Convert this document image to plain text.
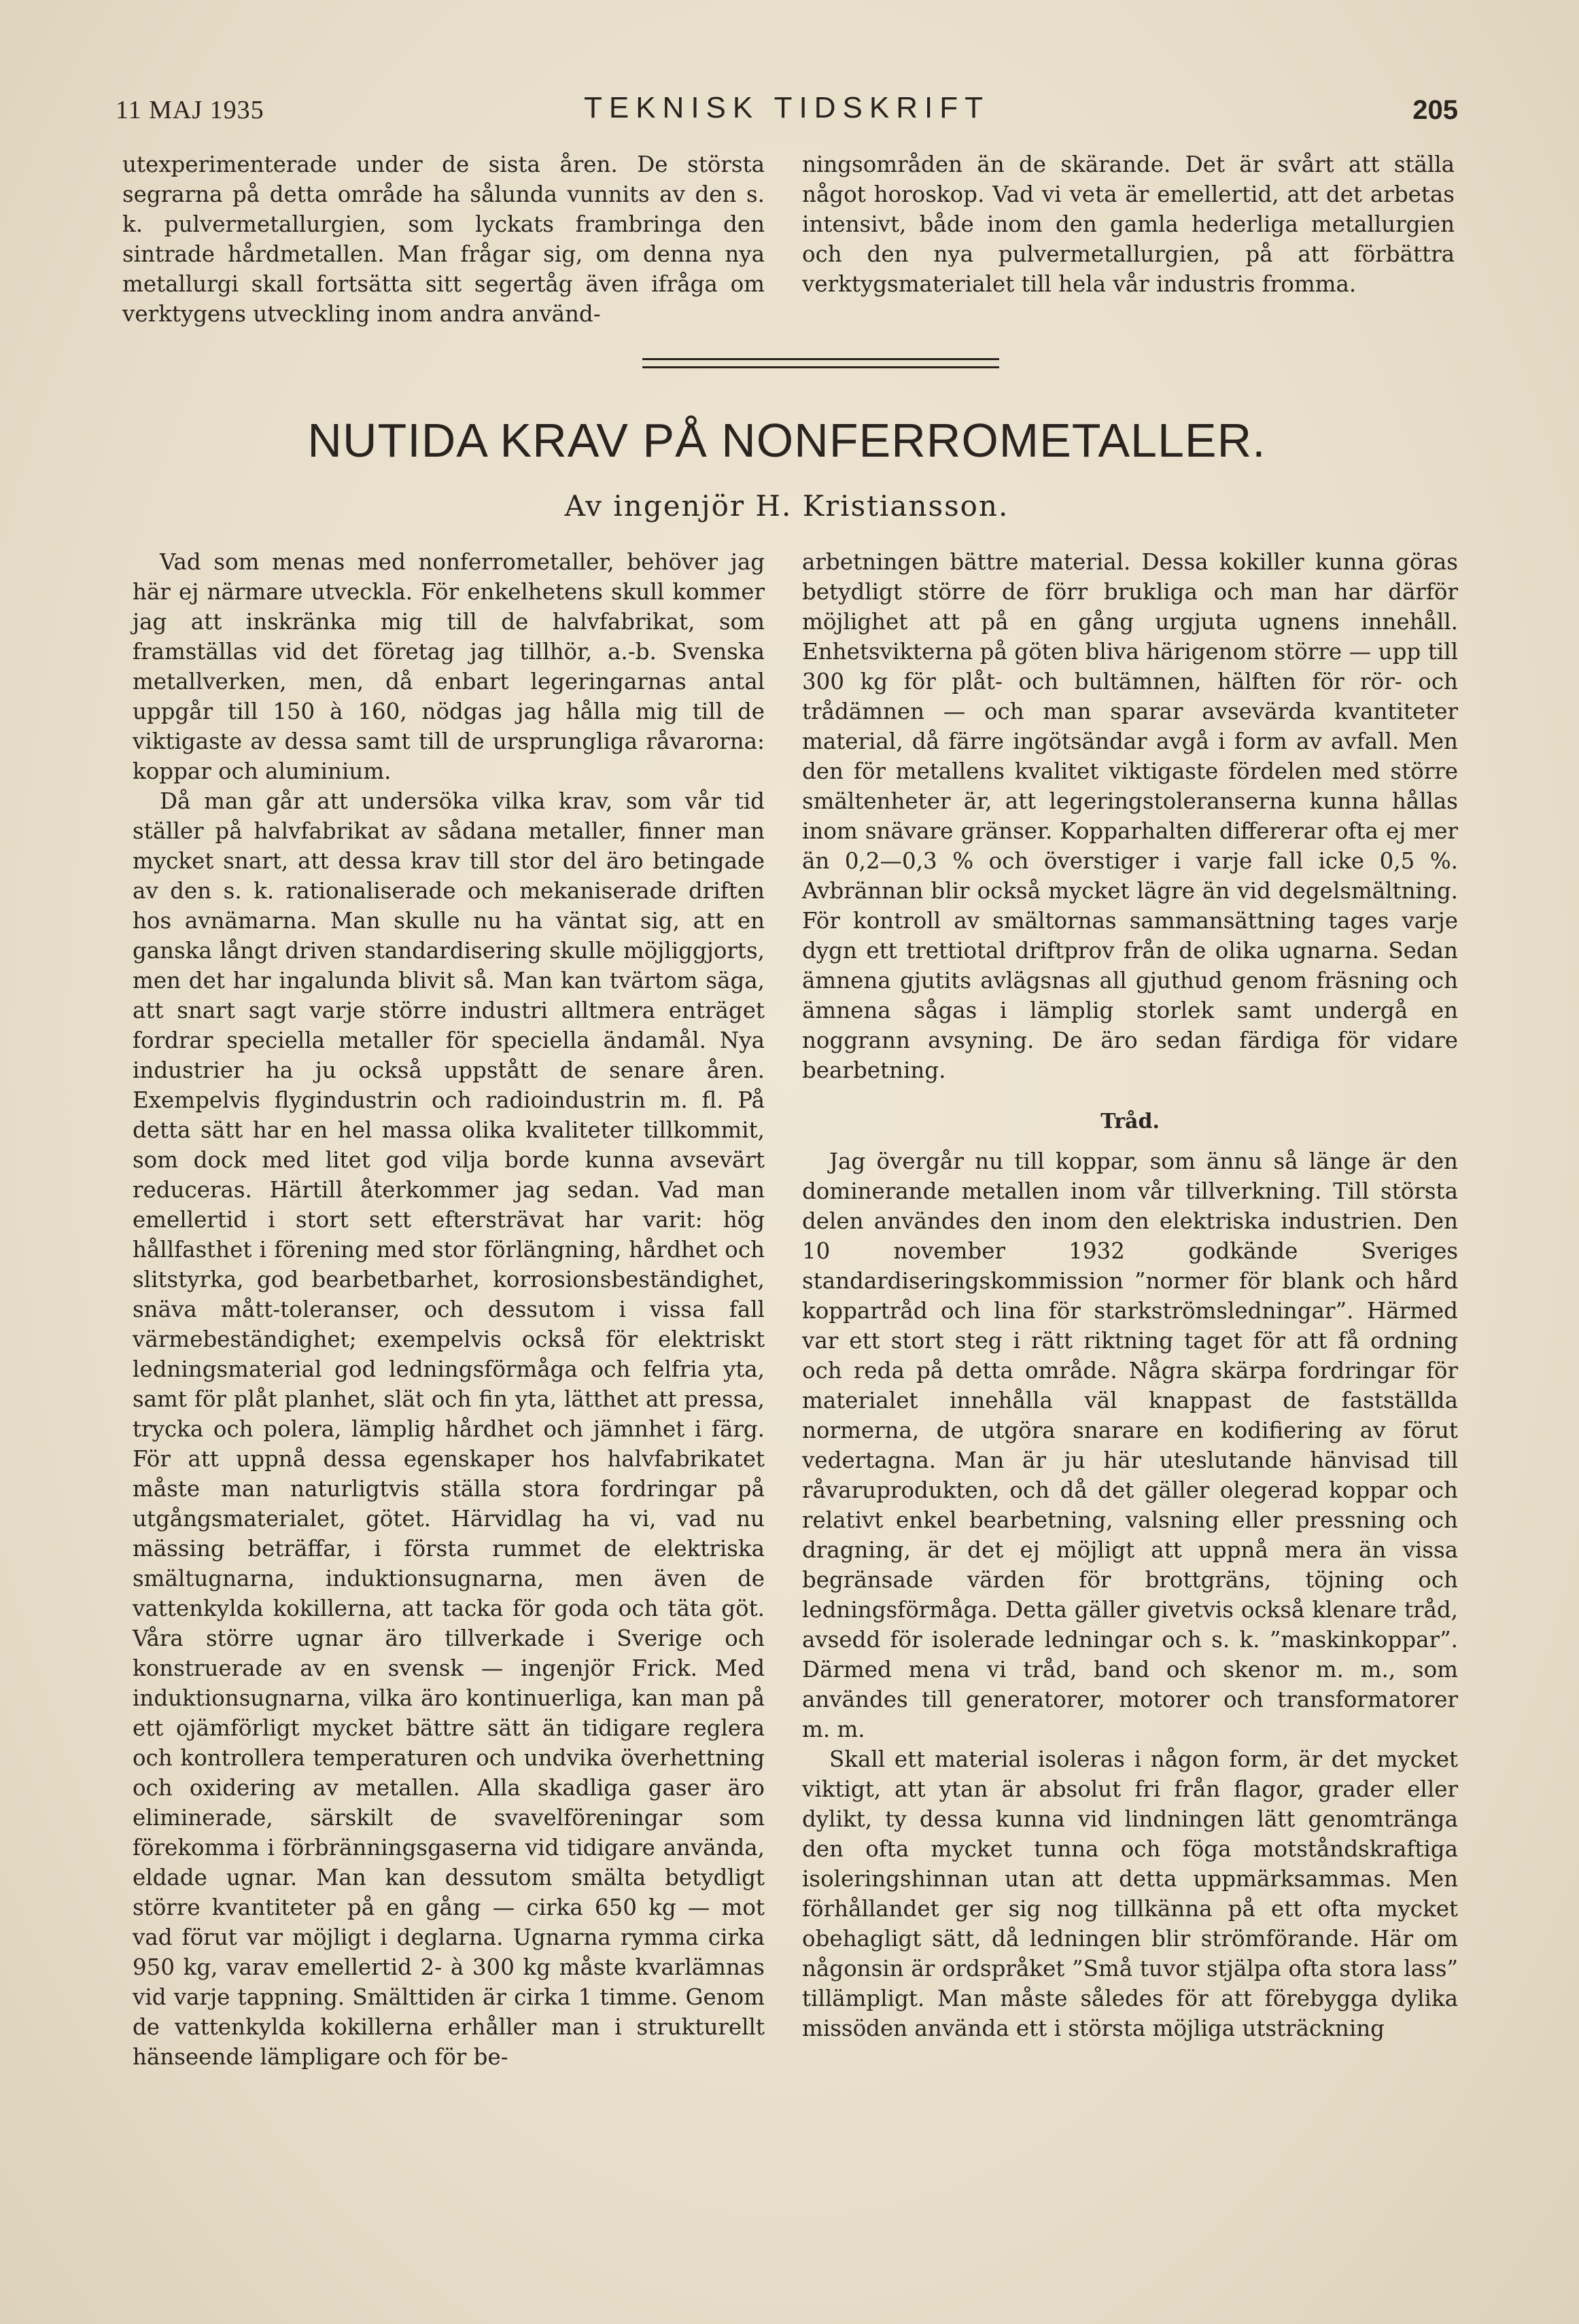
11 MAJ 1935	TEKNISK TIDSKRIFT	205

utexperimenterade under de sista åren. De största segrarna på detta område ha sålunda vunnits av den s. k. pulvermetallurgien, som lyckats frambringa den sintrade hårdmetallen. Man frågar sig, om denna nya metallurgi skall fortsätta sitt segertåg även ifråga om verktygens utveckling inom andra använd-

ningsområden än de skärande. Det är svårt att ställa något horoskop. Vad vi veta är emellertid, att det arbetas intensivt, både inom den gamla hederliga metallurgien och den nya pulvermetallurgien, på att förbättra verktygsmaterialet till hela vår industris fromma.

NUTIDA KRAV PÅ NONFERROMETALLER.
Av ingenjör H. Kristiansson.

Vad som menas med nonferrometaller, behöver jag här ej närmare utveckla. För enkelhetens skull kommer jag att inskränka mig till de halvfabrikat, som framställas vid det företag jag tillhör, a.-b. Svenska metallverken, men, då enbart legeringarnas antal uppgår till 150 à 160, nödgas jag hålla mig till de viktigaste av dessa samt till de ursprungliga råvarorna: koppar och aluminium.

Då man går att undersöka vilka krav, som vår tid ställer på halvfabrikat av sådana metaller, finner man mycket snart, att dessa krav till stor del äro betingade av den s. k. rationaliserade och mekaniserade driften hos avnämarna. Man skulle nu ha väntat sig, att en ganska långt driven standardisering skulle möjliggjorts, men det har ingalunda blivit så. Man kan tvärtom säga, att snart sagt varje större industri alltmera enträget fordrar speciella metaller för speciella ändamål. Nya industrier ha ju också uppstått de senare åren. Exempelvis flygindustrin och radioindustrin m. fl. På detta sätt har en hel massa olika kvaliteter tillkommit, som dock med litet god vilja borde kunna avsevärt reduceras. Härtill återkommer jag sedan. Vad man emellertid i stort sett eftersträvat har varit: hög hållfasthet i förening med stor förlängning, hårdhet och slitstyrka, god bearbetbarhet, korrosionsbeständighet, snäva mått-toleranser, och dessutom i vissa fall värmebeständighet; exempelvis också för elektriskt ledningsmaterial god ledningsförmåga och felfria yta, samt för plåt planhet, slät och fin yta, lätthet att pressa, trycka och polera, lämplig hårdhet och jämnhet i färg. För att uppnå dessa egenskaper hos halvfabrikatet måste man naturligtvis ställa stora fordringar på utgångsmaterialet, götet. Härvidlag ha vi, vad nu mässing beträffar, i första rummet de elektriska smältugnarna, induktionsugnarna, men även de vattenkylda kokillerna, att tacka för goda och täta göt. Våra större ugnar äro tillverkade i Sverige och konstruerade av en svensk — ingenjör Frick. Med induktionsugnarna, vilka äro kontinuerliga, kan man på ett ojämförligt mycket bättre sätt än tidigare reglera och kontrollera temperaturen och undvika överhettning och oxidering av metallen. Alla skadliga gaser äro eliminerade, särskilt de svavelföreningar som förekomma i förbränningsgaserna vid tidigare använda, eldade ugnar. Man kan dessutom smälta betydligt större kvantiteter på en gång — cirka 650 kg — mot vad förut var möjligt i deglarna. Ugnarna rymma cirka 950 kg, varav emellertid 2- à 300 kg måste kvarlämnas vid varje tappning. Smälttiden är cirka 1 timme. Genom de vattenkylda kokillerna erhåller man i strukturellt hänseende lämpligare och för be-

arbetningen bättre material. Dessa kokiller kunna göras betydligt större de förr brukliga och man har därför möjlighet att på en gång urgjuta ugnens innehåll. Enhetsvikterna på göten bliva härigenom större — upp till 300 kg för plåt- och bultämnen, hälften för rör- och trådämnen — och man sparar avsevärda kvantiteter material, då färre ingötsändar avgå i form av avfall. Men den för metallens kvalitet viktigaste fördelen med större smältenheter är, att legeringstoleranserna kunna hållas inom snävare gränser. Kopparhalten differerar ofta ej mer än 0,2—0,3 % och överstiger i varje fall icke 0,5 %. Avbrännan blir också mycket lägre än vid degelsmältning. För kontroll av smältornas sammansättning tages varje dygn ett trettiotal driftprov från de olika ugnarna. Sedan ämnena gjutits avlägsnas all gjuthud genom fräsning och ämnena sågas i lämplig storlek samt undergå en noggrann avsyning. De äro sedan färdiga för vidare bearbetning.

Tråd.

Jag övergår nu till koppar, som ännu så länge är den dominerande metallen inom vår tillverkning. Till största delen användes den inom den elektriska industrien. Den 10 november 1932 godkände Sveriges standardiseringskommission ”normer för blank och hård koppartråd och lina för starkströmsledningar”. Härmed var ett stort steg i rätt riktning taget för att få ordning och reda på detta område. Några skärpa fordringar för materialet innehålla väl knappast de fastställda normerna, de utgöra snarare en kodifiering av förut vedertagna. Man är ju här uteslutande hänvisad till råvaruprodukten, och då det gäller olegerad koppar och relativt enkel bearbetning, valsning eller pressning och dragning, är det ej möjligt att uppnå mera än vissa begränsade värden för brottgräns, töjning och ledningsförmåga. Detta gäller givetvis också klenare tråd, avsedd för isolerade ledningar och s. k. ”maskinkoppar”. Därmed mena vi tråd, band och skenor m. m., som användes till generatorer, motorer och transformatorer m. m.

Skall ett material isoleras i någon form, är det mycket viktigt, att ytan är absolut fri från flagor, grader eller dylikt, ty dessa kunna vid lindningen lätt genomtränga den ofta mycket tunna och föga motståndskraftiga isoleringshinnan utan att detta uppmärksammas. Men förhållandet ger sig nog tillkänna på ett ofta mycket obehagligt sätt, då ledningen blir strömförande. Här om någonsin är ordspråket ”Små tuvor stjälpa ofta stora lass” tillämpligt. Man måste således för att förebygga dylika missöden använda ett i största möjliga utsträckning
